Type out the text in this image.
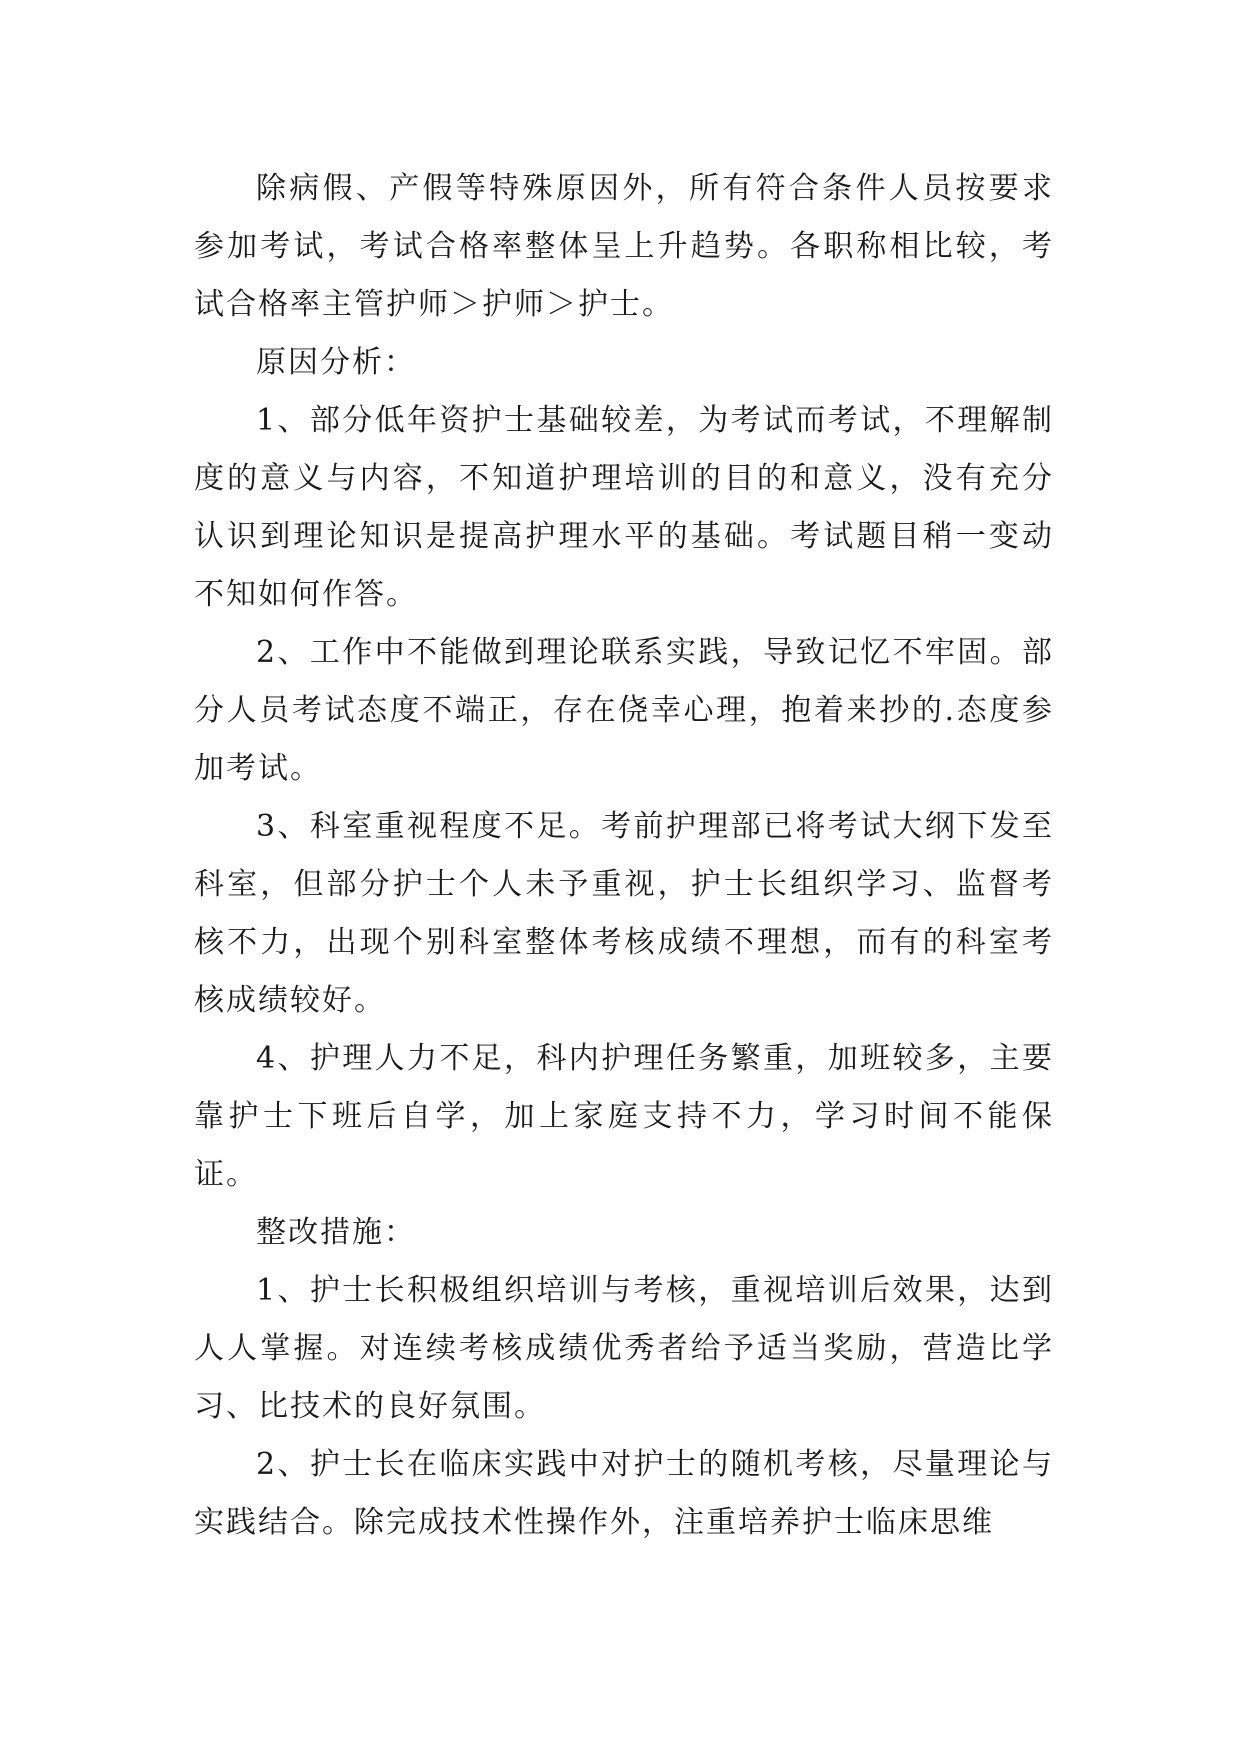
除病假、产假等特殊原因外，所有符合条件人员按要求参加考试，考试合格率整体呈上升趋势。各职称相比较，考试合格率主管护师＞护师＞护士。

原因分析：

1、部分低年资护士基础较差，为考试而考试，不理解制度的意义与内容，不知道护理培训的目的和意义，没有充分认识到理论知识是提高护理水平的基础。考试题目稍一变动不知如何作答。

2、工作中不能做到理论联系实践，导致记忆不牢固。部分人员考试态度不端正，存在侥幸心理，抱着来抄的.态度参加考试。

3、科室重视程度不足。考前护理部已将考试大纲下发至科室，但部分护士个人未予重视，护士长组织学习、监督考核不力，出现个别科室整体考核成绩不理想，而有的科室考核成绩较好。

4、护理人力不足，科内护理任务繁重，加班较多，主要靠护士下班后自学，加上家庭支持不力，学习时间不能保证。

整改措施：

1、护士长积极组织培训与考核，重视培训后效果，达到人人掌握。对连续考核成绩优秀者给予适当奖励，营造比学习、比技术的良好氛围。

2、护士长在临床实践中对护士的随机考核，尽量理论与实践结合。除完成技术性操作外，注重培养护士临床思维
